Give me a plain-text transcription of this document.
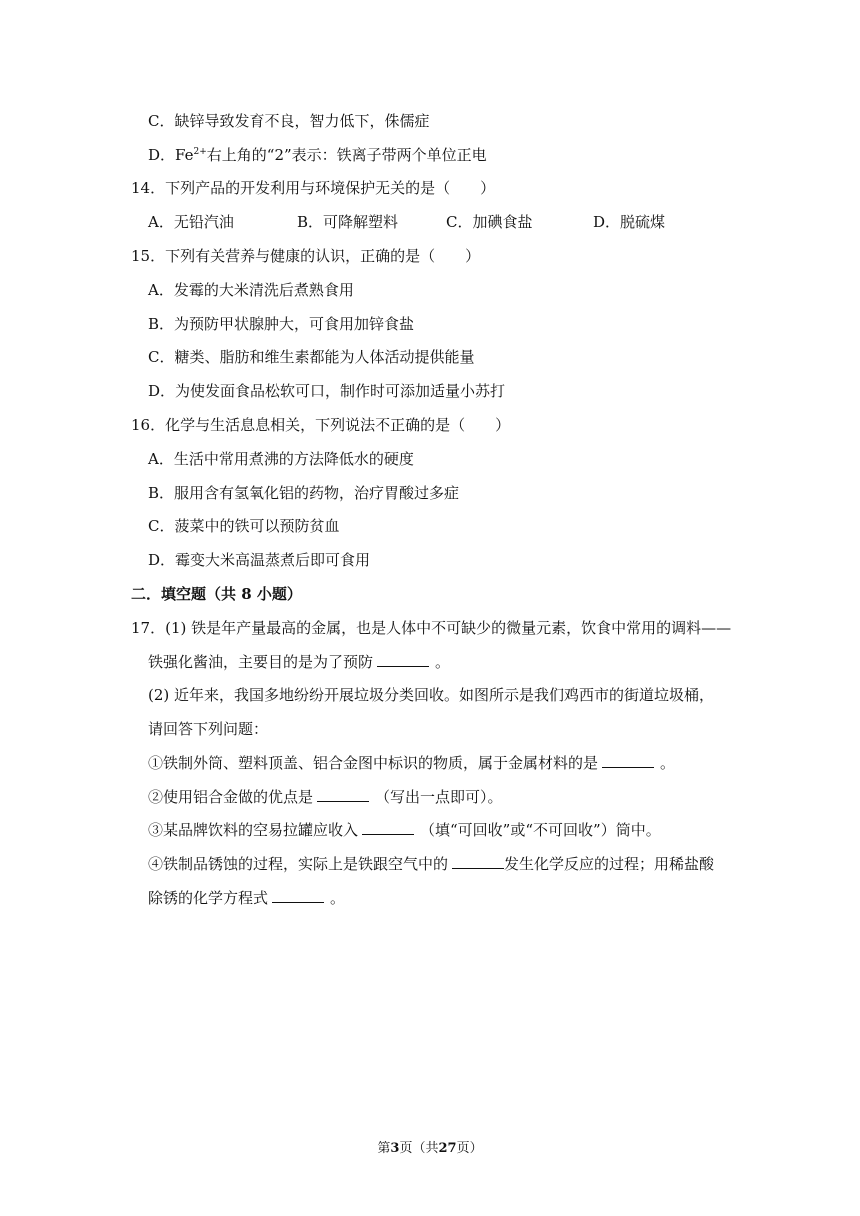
C．缺锌导致发育不良，智力低下，侏儒症
D．$Fe^{2+}$右上角的“2”表示：铁离子带两个单位正电
14．下列产品的开发利用与环境保护无关的是（　　）
A．无铅汽油	B．可降解塑料	C．加碘食盐	D．脱硫煤
15．下列有关营养与健康的认识，正确的是（　　）
A．发霉的大米清洗后煮熟食用
B．为预防甲状腺肿大，可食用加锌食盐
C．糖类、脂肪和维生素都能为人体活动提供能量
D．为使发面食品松软可口，制作时可添加适量小苏打
16．化学与生活息息相关，下列说法不正确的是（　　）
A．生活中常用煮沸的方法降低水的硬度
B．服用含有氢氧化铝的药物，治疗胃酸过多症
C．菠菜中的铁可以预防贫血
D．霉变大米高温蒸煮后即可食用
二．填空题（共 8 小题）
17．(1) 铁是年产量最高的金属，也是人体中不可缺少的微量元素，饮食中常用的调料——
铁强化酱油，主要目的是为了预防	。
(2) 近年来，我国多地纷纷开展垃圾分类回收。如图所示是我们鸡西市的街道垃圾桶，
请回答下列问题：
①铁制外筒、塑料顶盖、铝合金图中标识的物质，属于金属材料的是	。
②使用铝合金做的优点是	（写出一点即可）。
③某品牌饮料的空易拉罐应收入	（填“可回收”或“不可回收”）筒中。
④铁制品锈蚀的过程，实际上是铁跟空气中的	发生化学反应的过程；用稀盐酸
除锈的化学方程式	。
第3页（共27页）
